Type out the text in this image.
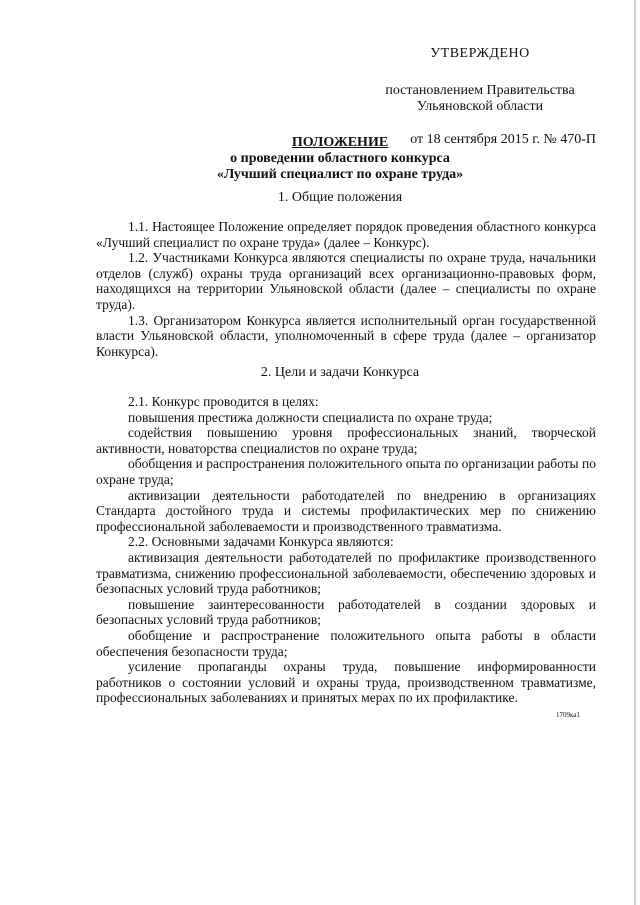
УТВЕРЖДЕНО
постановлением Правительства
Ульяновской области
от 18 сентября 2015 г. № 470-П
ПОЛОЖЕНИЕ
о проведении областного конкурса
«Лучший специалист по охране труда»
1. Общие положения

1.1. Настоящее Положение определяет порядок проведения областного конкурса «Лучший специалист по охране труда» (далее – Конкурс).

1.2. Участниками Конкурса являются специалисты по охране труда, начальники отделов (служб) охраны труда организаций всех организационно-правовых форм, находящихся на территории Ульяновской области (далее – специалисты по охране труда).

1.3. Организатором Конкурса является исполнительный орган государственной власти Ульяновской области, уполномоченный в сфере труда (далее – организатор Конкурса).

2. Цели и задачи Конкурса

2.1. Конкурс проводится в целях:

повышения престижа должности специалиста по охране труда;

содействия повышению уровня профессиональных знаний, творческой активности, новаторства специалистов по охране труда;

обобщения и распространения положительного опыта по организации работы по охране труда;

активизации деятельности работодателей по внедрению в организациях Стандарта достойного труда и системы профилактических мер по снижению профессиональной заболеваемости и производственного травматизма.

2.2. Основными задачами Конкурса являются:

активизация деятельности работодателей по профилактике производственного травматизма, снижению профессиональной заболеваемости, обеспечению здоровых и безопасных условий труда работников;

повышение заинтересованности работодателей в создании здоровых и безопасных условий труда работников;

обобщение и распространение положительного опыта работы в области обеспечения безопасности труда;

усиление пропаганды охраны труда, повышение информированности работников о состоянии условий и охраны труда, производственном травматизме, профессиональных заболеваниях и принятых мерах по их профилактике.

1709ка1
